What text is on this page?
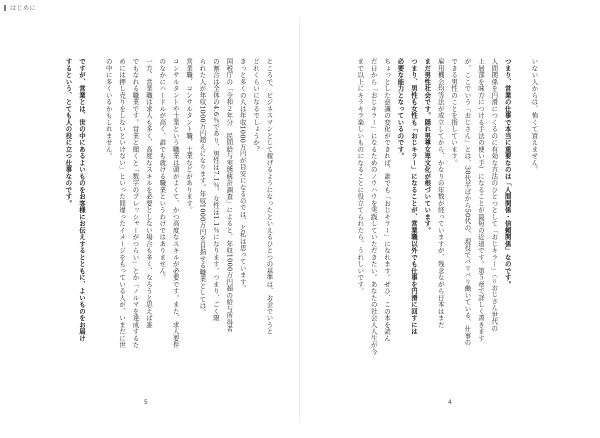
はじめに
いない人からは、怖くて買えません。
つまり、営業の仕事で本当に重要なのは「人間関係・信頼関係」なのです。
人間関係を円滑につくるのに有効な方法のひとつとして「おじキラー」（＝おじさん世代の
上層部を味方につける手法の使い手）になることが最短の近道です。第５章で詳しく書きます
が、ここでいう「おじさん」とは、30代半ばから50代の、現役でバリバリ働いている、仕事の
できる男性のことを指しています。
雇用機会均等法が成立してから、かなりの年数が経っていますが、残念ながら日本はまだ
まだ男性社会です。隠れ男尊女卑文化が根づいています。
つまり、男性も女性も「おじキラー」になることが、営業職以外でも仕事を円滑に回すには
必要な能力となっているのです。
ちょっとした意識の変化ができれば、誰でも「おじキラー」になれます。ぜひ、この本を読ん
だ日から「おじキラー」になるためのノウハウを実践していただきたい。あなたの社会人人生が今
まで以上にキラキラ楽しいものになることに役立てられたら、うれしいです。
ところで、ビジネスマンとして稼げるようになったといえるひとつの基準は、お金でいうと
どれくらいになるでしょうか？
きっと多くの人は年収1000万円が目安になるのでは、と私は思っています。
国税庁の「令和２年分　民間給与実態統計調査」によると、年収1000万円超の給与所得者
の割合は全体の4.6％であり、男性は7.1％、女性は1.1％になります。つまり、ごく限
られた人が年収1000万円超えになります。年収1000万円を目指せる職業としては、
営業職、コンサルタント職、士業などがあります。
コンサルタントや士業という職業は頭がよくて、かつ高度なスキルが必要です。また、求人要件
のなかにハードルが高く、誰でも就ける職業というわけではありません。
一方、営業職は求人も多く、高度なスキルを必要としない場合も多く、なろうと思えば誰
でもなれる職業です。営業と聞くと「数字のプレッシャーがつらい」とか「ノルマを達成するた
めには押し売りをしないといけない」といった間違ったイメージをもっている人が、いまだに世
の中に多くいるかもしれません。
ですが、営業とは、世の中にあるよいものをお客様にお伝えするとともに、よいものをお届け
するという、とても人の役に立つ仕事なのです。

4

5
